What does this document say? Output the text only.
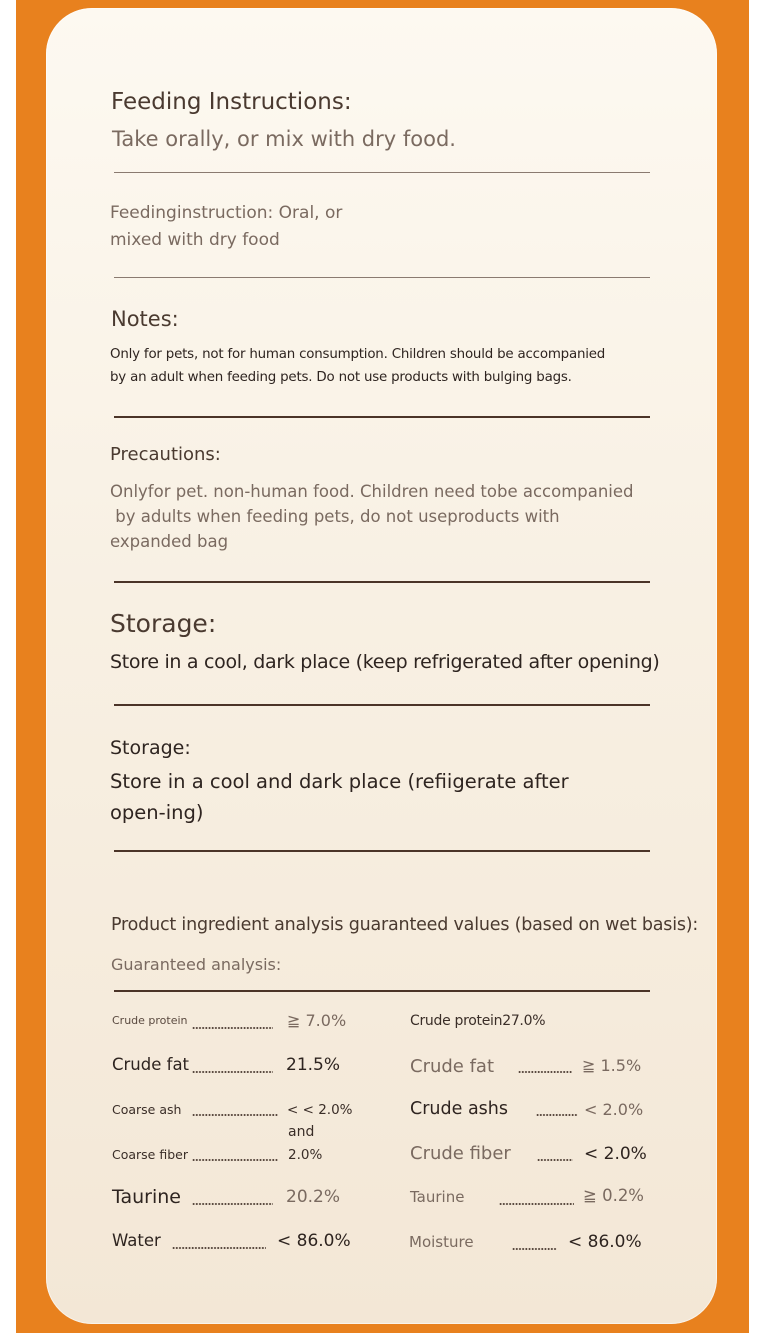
Feeding Instructions:
Take orally, or mix with dry food.
Feedinginstruction: Oral, or
mixed with dry food
Notes:
Only for pets, not for human consumption. Children should be accompanied
by an adult when feeding pets. Do not use products with bulging bags.
Precautions:
Onlyfor pet. non-human food. Children need tobe accompanied
by adults when feeding pets, do not useproducts with
expanded bag
Storage:
Store in a cool, dark place (keep refrigerated after opening)
Storage:
Store in a cool and dark place (refiigerate after
open-ing)
Product ingredient analysis guaranteed values (based on wet basis):
Guaranteed analysis:
Crude protein	≧ 7.0%
Crude fat	21.5%
Coarse ash	< < 2.0%
and
Coarse fiber	2.0%
Taurine	20.2%
Water	< 86.0%
Crude protein27.0%
Crude fat	≧ 1.5%
Crude ashs	< 2.0%
Crude fiber	< 2.0%
Taurine	≧ 0.2%
Moisture	< 86.0%
